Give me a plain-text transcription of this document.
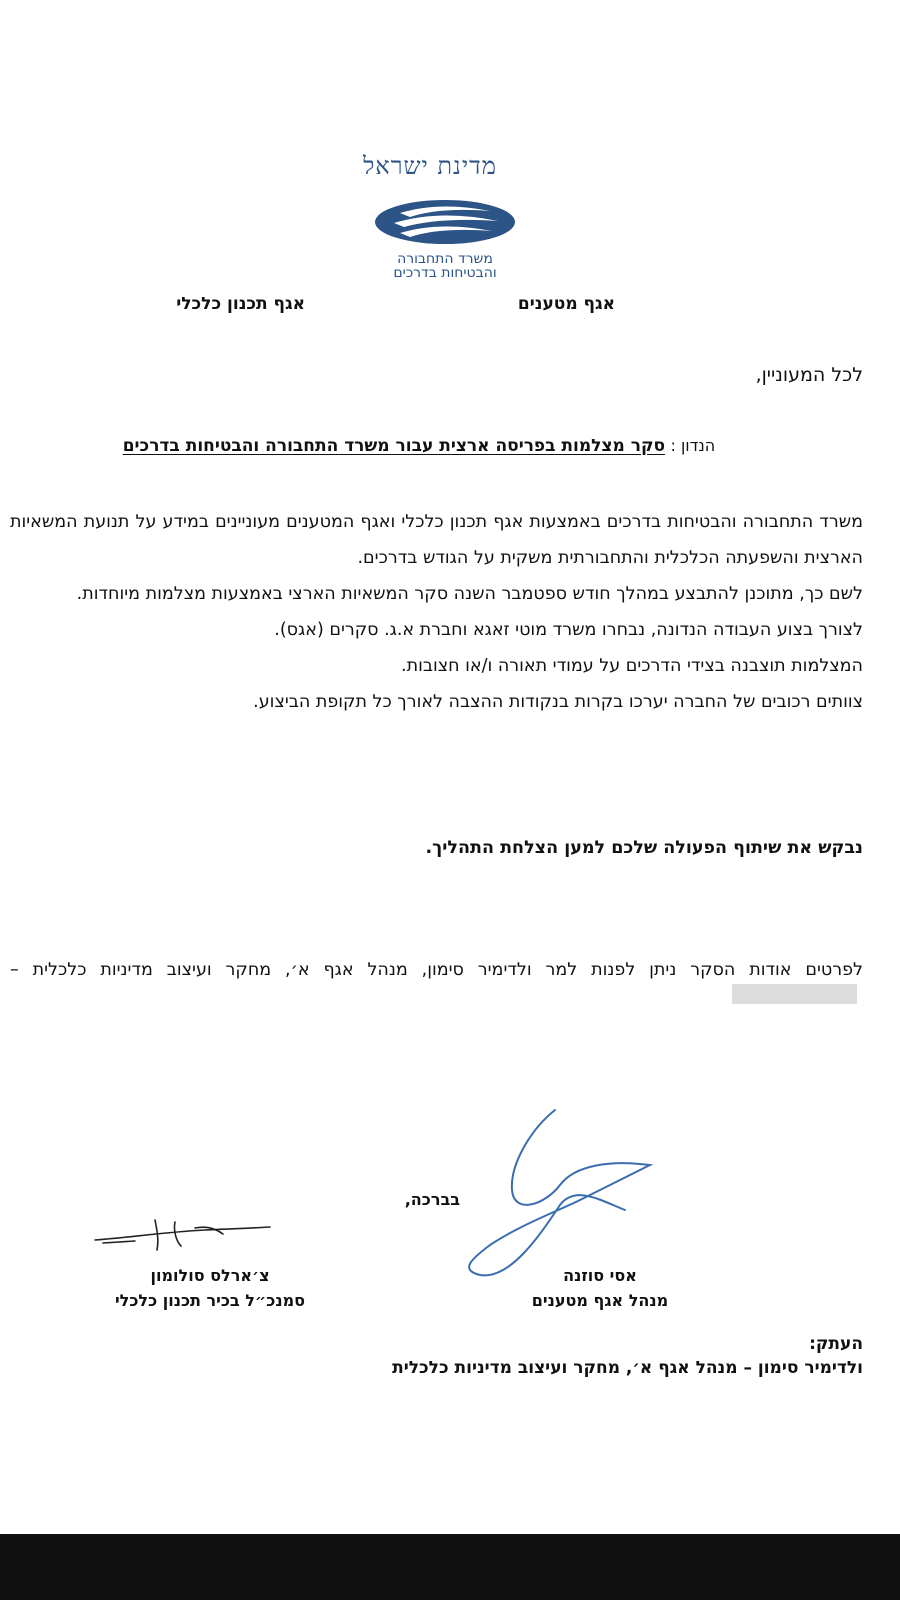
מדינת ישראל
משרד התחבורה
והבטיחות בדרכים
אגף מטענים
אגף תכנון כלכלי
לכל המעוניין,
הנדון : סקר מצלמות בפריסה ארצית עבור משרד התחבורה והבטיחות בדרכים

משרד התחבורה והבטיחות בדרכים באמצעות אגף תכנון כלכלי ואגף המטענים מעוניינים במידע על תנועת המשאיות הארצית והשפעתה הכלכלית והתחבורתית משקית על הגודש בדרכים.

לשם כך, מתוכנן להתבצע במהלך חודש ספטמבר השנה סקר המשאיות הארצי באמצעות מצלמות מיוחדות.

לצורך בצוע העבודה הנדונה, נבחרו משרד מוטי זאגא וחברת א.ג. סקרים (אגס).

המצלמות תוצבנה בצידי הדרכים על עמודי תאורה ו/או חצובות.

צוותים רכובים של החברה יערכו בקרות בנקודות ההצבה לאורך כל תקופת הביצוע.

נבקש את שיתוף הפעולה שלכם למען הצלחת התהליך.
לפרטים אודות הסקר ניתן לפנות למר ולדימיר סימון, מנהל אגף א׳, מחקר ועיצוב מדיניות כלכלית –
בברכה,
אסי סוזנה
מנהל אגף מטענים
צ׳ארלס סולומון
סמנכ״ל בכיר תכנון כלכלי
העתק:
ולדימיר סימון – מנהל אגף א׳, מחקר ועיצוב מדיניות כלכלית
